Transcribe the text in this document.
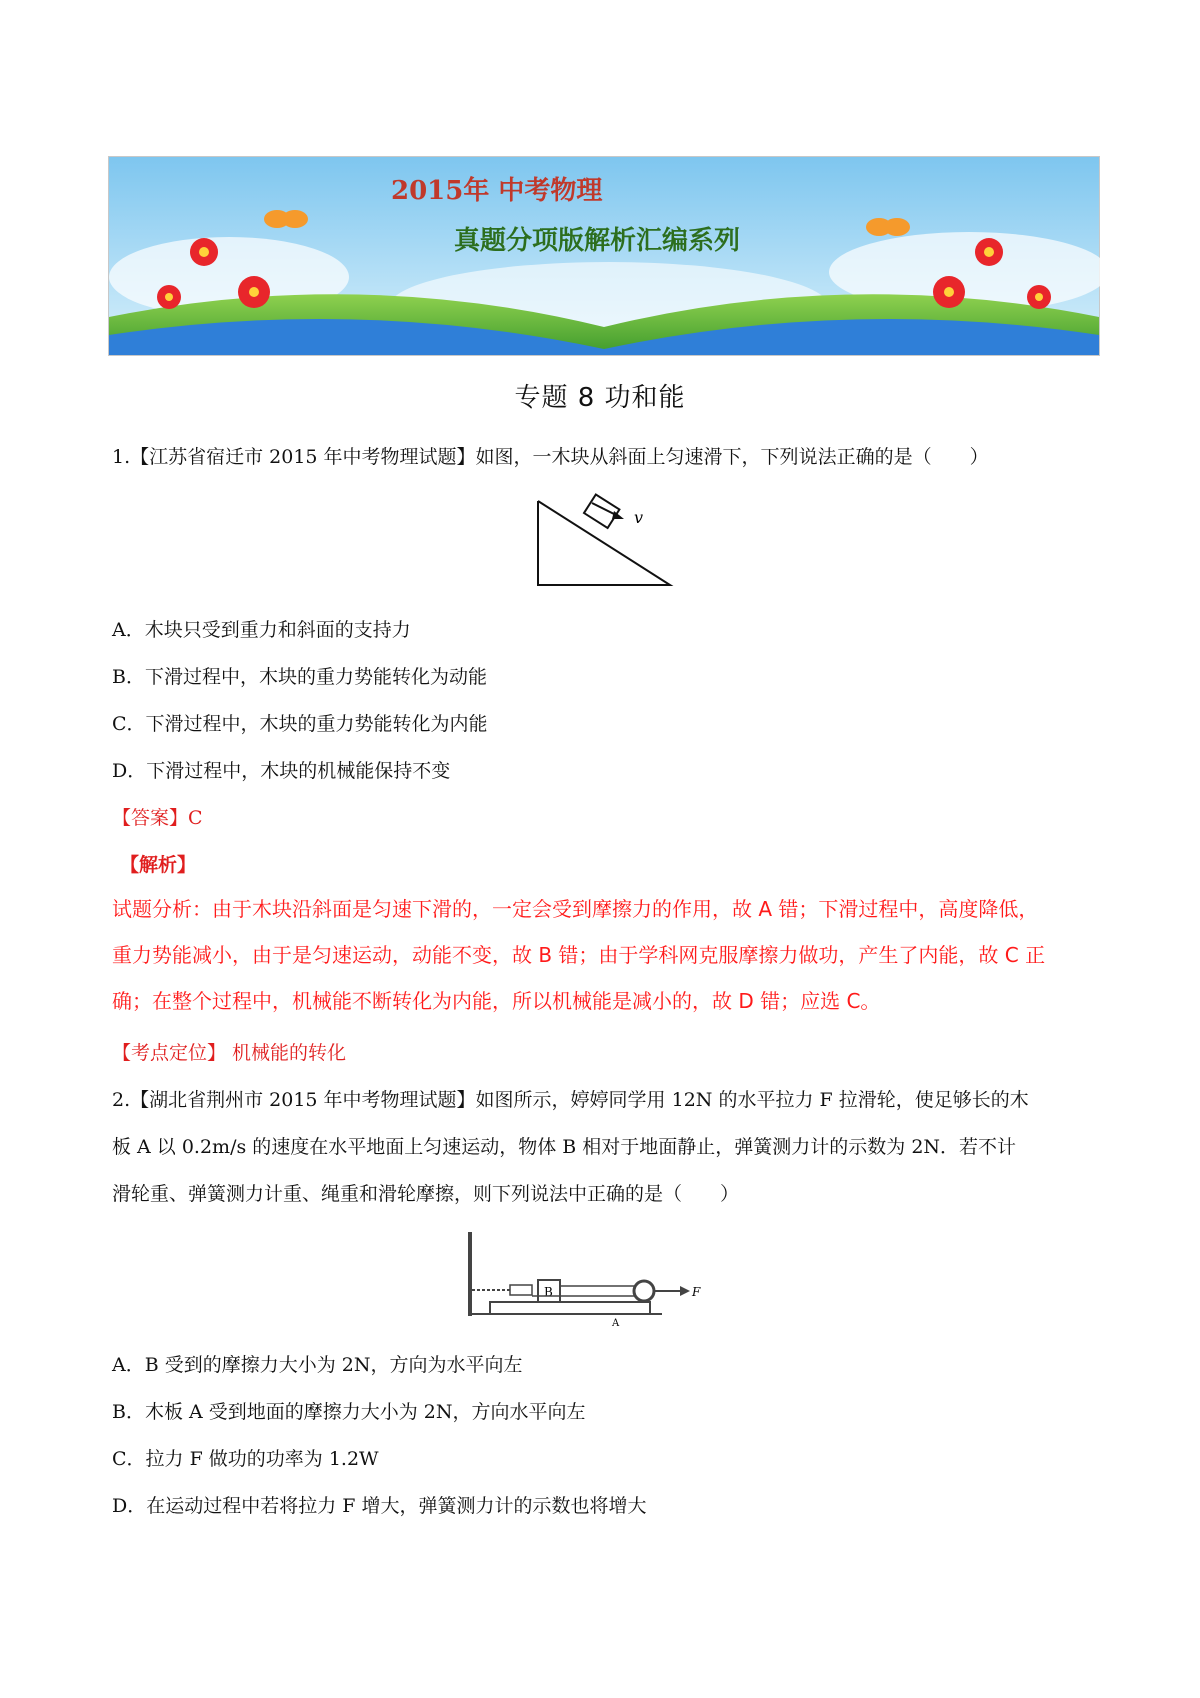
2015年 中考物理
真题分项版解析汇编系列
专题 8 功和能
1.【江苏省宿迁市 2015 年中考物理试题】如图，一木块从斜面上匀速滑下，下列说法正确的是（　　）
v
A．木块只受到重力和斜面的支持力
B．下滑过程中，木块的重力势能转化为动能
C．下滑过程中，木块的重力势能转化为内能
D．下滑过程中，木块的机械能保持不变
【答案】C
【解析】
试题分析：由于木块沿斜面是匀速下滑的，一定会受到摩擦力的作用，故 A 错；下滑过程中，高度降低，
重力势能减小，由于是匀速运动，动能不变，故 B 错；由于学科网克服摩擦力做功，产生了内能，故 C 正
确；在整个过程中，机械能不断转化为内能，所以机械能是减小的，故 D 错；应选 C。
【考点定位】 机械能的转化
2.【湖北省荆州市 2015 年中考物理试题】如图所示，婷婷同学用 12N 的水平拉力 F 拉滑轮，使足够长的木
板 A 以 0.2m/s 的速度在水平地面上匀速运动，物体 B 相对于地面静止，弹簧测力计的示数为 2N．若不计
滑轮重、弹簧测力计重、绳重和滑轮摩擦，则下列说法中正确的是（　　）
B
A
F
A．B 受到的摩擦力大小为 2N，方向为水平向左
B．木板 A 受到地面的摩擦力大小为 2N，方向水平向左
C．拉力 F 做功的功率为 1.2W
D．在运动过程中若将拉力 F 增大，弹簧测力计的示数也将增大
